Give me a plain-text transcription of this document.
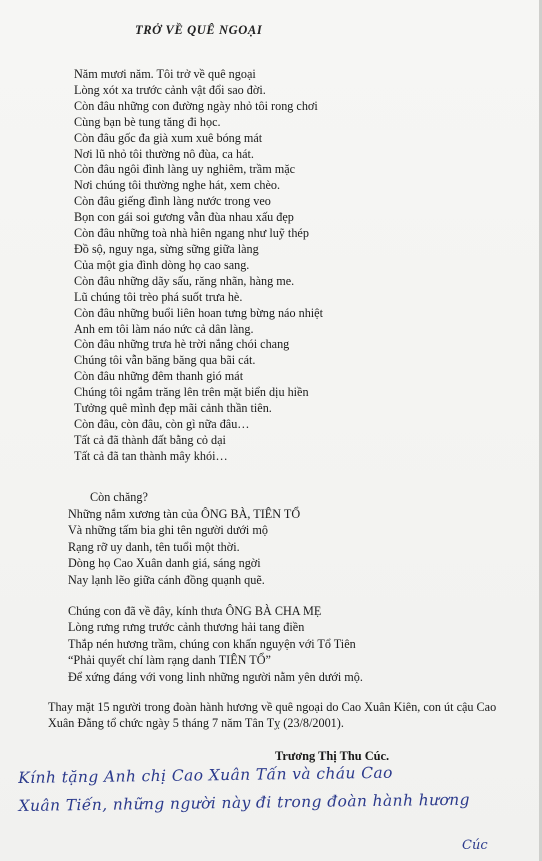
TRỞ VỀ QUÊ NGOẠI
Năm mươi năm. Tôi trở về quê ngoại
Lòng xót xa trước cảnh vật đổi sao đời.
Còn đâu những con đường ngày nhỏ tôi rong chơi
Cùng bạn bè tung tăng đi học.
Còn đâu gốc đa già xum xuê bóng mát
Nơi lũ nhỏ tôi thường nô đùa, ca hát.
Còn đâu ngôi đình làng uy nghiêm, trầm mặc
Nơi chúng tôi thường nghe hát, xem chèo.
Còn đâu giếng đình làng nước trong veo
Bọn con gái soi gương vẫn đùa nhau xấu đẹp
Còn đâu những toà nhà hiên ngang như luỹ thép
Đồ sộ, nguy nga, sừng sững giữa làng
Của một gia đình dòng họ cao sang.
Còn đâu những dãy sấu, răng nhãn, hàng me.
Lũ chúng tôi trèo phá suốt trưa hè.
Còn đâu những buổi liên hoan tưng bừng náo nhiệt
Anh em tôi làm náo nức cả dân làng.
Còn đâu những trưa hè trời nắng chói chang
Chúng tôi vẫn băng băng qua bãi cát.
Còn đâu những đêm thanh gió mát
Chúng tôi ngắm trăng lên trên mặt biển dịu hiền
Tưởng quê mình đẹp mãi cảnh thần tiên.
Còn đâu, còn đâu, còn gì nữa đâu…
Tất cả đã thành đất bằng cỏ dại
Tất cả đã tan thành mây khói…
Còn chăng?
Những nắm xương tàn của ÔNG BÀ, TIÊN TỔ
Và những tấm bia ghi tên người dưới mộ
Rạng rỡ uy danh, tên tuổi một thời.
Dòng họ Cao Xuân danh giá, sáng ngời
Nay lạnh lẽo giữa cánh đồng quạnh quẽ.
Chúng con đã về đây, kính thưa ÔNG BÀ CHA MẸ
Lòng rưng rưng trước cảnh thương hải tang điền
Thắp nén hương trầm, chúng con khấn nguyện với Tổ Tiên
“Phải quyết chí làm rạng danh TIÊN TỔ”
Để xứng đáng với vong linh những người nằm yên dưới mộ.
Thay mặt 15 người trong đoàn hành hương về quê ngoại do Cao Xuân Kiên, con út cậu Cao Xuân Đằng tổ chức ngày 5 tháng 7 năm Tân Tỵ (23/8/2001).
Trương Thị Thu Cúc.
Kính tặng Anh chị Cao Xuân Tấn và cháu Cao
Xuân Tiến, những người này đi trong đoàn hành hương
Cúc
